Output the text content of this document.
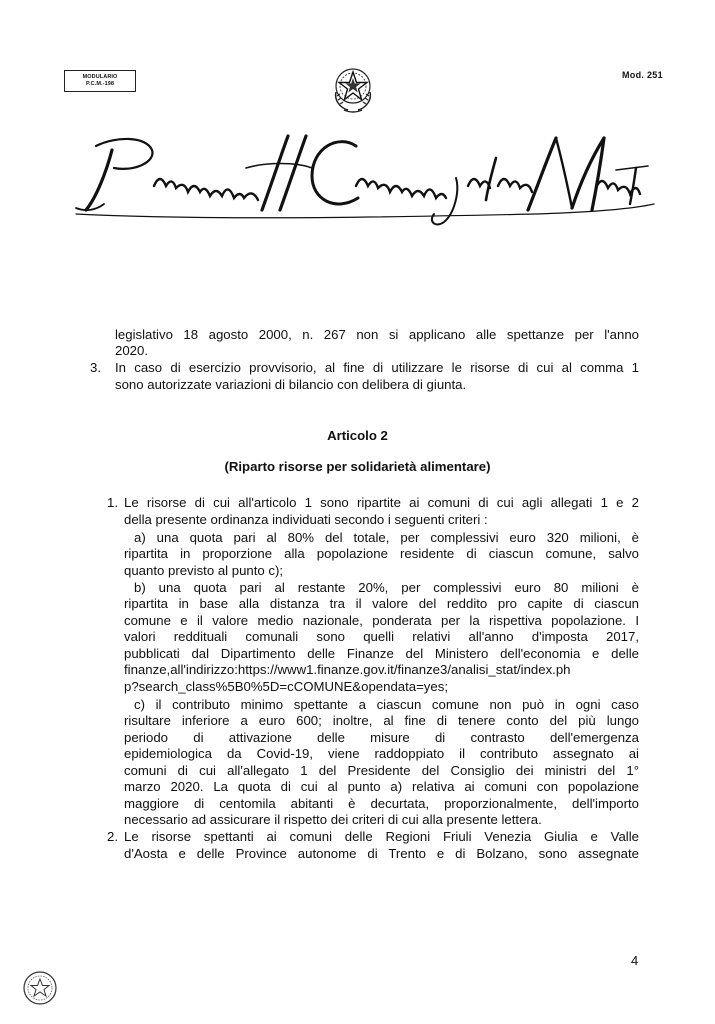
MODULARIO
P.C.M.-198
Mod. 251
legislativo 18 agosto 2000, n. 267 non si applicano alle spettanze per l'anno
2020.
3. In caso di esercizio provvisorio, al fine di utilizzare le risorse di cui al comma 1
sono autorizzate variazioni di bilancio con delibera di giunta.
Articolo 2
(Riparto risorse per solidarietà alimentare)
1. Le risorse di cui all'articolo 1 sono ripartite ai comuni di cui agli allegati 1 e 2
della presente ordinanza individuati secondo i seguenti criteri :
a) una quota pari al 80% del totale, per complessivi euro 320 milioni, è
ripartita in proporzione alla popolazione residente di ciascun comune, salvo
quanto previsto al punto c);
b) una quota pari al restante 20%, per complessivi euro 80 milioni è
ripartita in base alla distanza tra il valore del reddito pro capite di ciascun
comune e il valore medio nazionale, ponderata per la rispettiva popolazione. I
valori reddituali comunali sono quelli relativi all'anno d'imposta 2017,
pubblicati dal Dipartimento delle Finanze del Ministero dell'economia e delle
finanze,all'indirizzo:https://www1.finanze.gov.it/finanze3/analisi_stat/index.ph
p?search_class%5B0%5D=cCOMUNE&opendata=yes;
c) il contributo minimo spettante a ciascun comune non può in ogni caso
risultare inferiore a euro 600; inoltre, al fine di tenere conto del più lungo
periodo di attivazione delle misure di contrasto dell'emergenza
epidemiologica da Covid-19, viene raddoppiato il contributo assegnato ai
comuni di cui all'allegato 1 del Presidente del Consiglio dei ministri del 1°
marzo 2020. La quota di cui al punto a) relativa ai comuni con popolazione
maggiore di centomila abitanti è decurtata, proporzionalmente, dell'importo
necessario ad assicurare il rispetto dei criteri di cui alla presente lettera.
2. Le risorse spettanti ai comuni delle Regioni Friuli Venezia Giulia e Valle
d'Aosta e delle Province autonome di Trento e di Bolzano, sono assegnate
4
